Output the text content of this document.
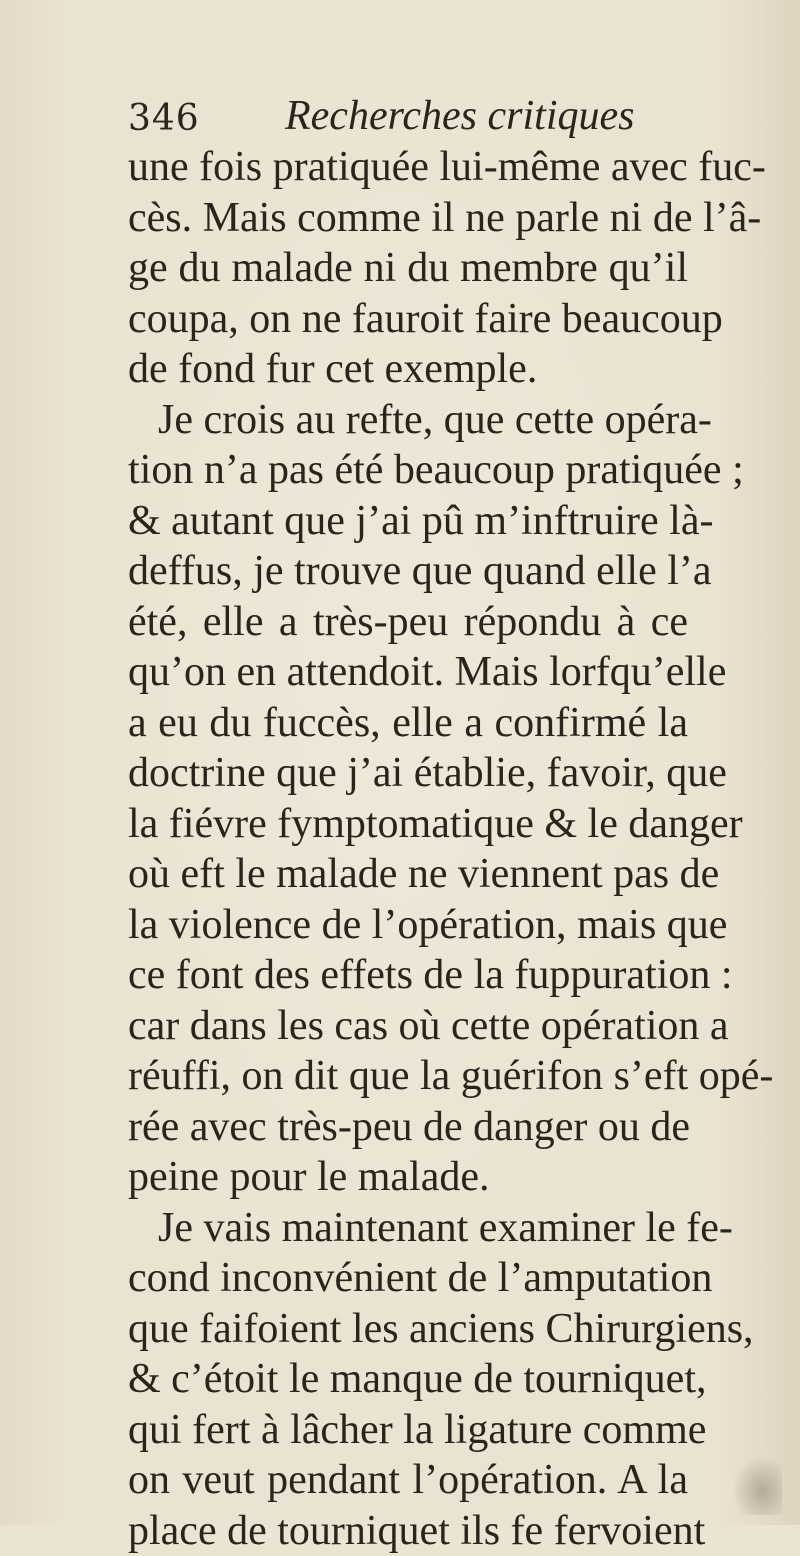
346 Recherches critiques
une fois pratiquée lui-même avec fuc-
cès. Mais comme il ne parle ni de l’â-
ge du malade ni du membre qu’il
coupa, on ne fauroit faire beaucoup
de fond fur cet exemple.
Je crois au refte, que cette opéra-
tion n’a pas été beaucoup pratiquée ;
& autant que j’ai pû m’inftruire là-
deffus, je trouve que quand elle l’a
été, elle a très-peu répondu à ce
qu’on en attendoit. Mais lorfqu’elle
a eu du fuccès, elle a confirmé la
doctrine que j’ai établie, favoir, que
la fiévre fymptomatique & le danger
où eft le malade ne viennent pas de
la violence de l’opération, mais que
ce font des effets de la fuppuration :
car dans les cas où cette opération a
réuffi, on dit que la guérifon s’eft opé-
rée avec très-peu de danger ou de
peine pour le malade.
Je vais maintenant examiner le fe-
cond inconvénient de l’amputation
que faifoient les anciens Chirurgiens,
& c’étoit le manque de tourniquet,
qui fert à lâcher la ligature comme
on veut pendant l’opération. A la
place de tourniquet ils fe fervoient
